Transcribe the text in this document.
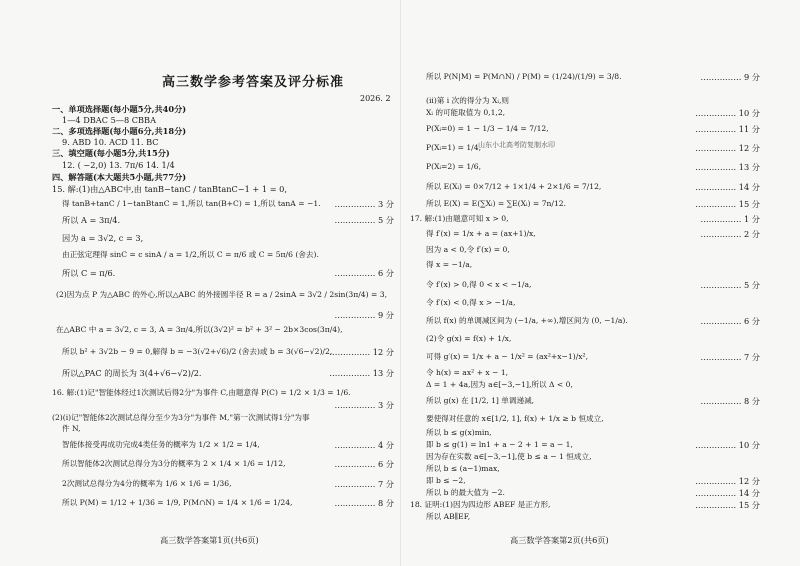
高三数学参考答案及评分标准
2026. 2
一、单项选择题(每小题5分,共40分)
1—4 DBAC 5—8 CBBA
二、多项选择题(每小题6分,共18分)
9. ABD 10. ACD 11. BC
三、填空题(每小题5分,共15分)
12. ( −2,0) 13. 7π/6 14. 1/4
四、解答题(本大题共5小题,共77分)
15. 解:(1)由△ABC中,由 tanB−tanC / tanBtanC−1 + 1 = 0,
得 tanB+tanC / 1−tanBtanC = 1,所以 tan(B+C) = 1,所以 tanA = −1. …………… 3 分
所以 A = 3π/4.	…………… 5 分
因为 a = 3√2, c = 3,
由正弦定理得 sinC = c sinA / a = 1/2,所以 C = π/6 或 C = 5π/6 (舍去).
所以 C = π/6.	…………… 6 分
(2)因为点 P 为△ABC 的外心,所以△ABC 的外接圆半径 R = a / 2sinA = 3√2 / 2sin(3π/4) = 3,
…………… 9 分
在△ABC 中 a = 3√2, c = 3, A = 3π/4,所以(3√2)² = b² + 3² − 2b×3cos(3π/4),
所以 b² + 3√2b − 9 = 0,解得 b = −3(√2+√6)/2 (舍去)或 b = 3(√6−√2)/2,
…………… 12 分
所以△PAC 的周长为 3(4+√6−√2)/2.	…………… 13 分
16. 解:(1)记"智能体经过1次测试后得2分"为事件 C,由题意得 P(C) = 1/2 × 1/3 = 1/6.
…………… 3 分
(2)(i)记"智能体2次测试总得分至少为3分"为事件 M,"第一次测试得1分"为事
件 N,
智能体接受再成功完成4类任务的概率为 1/2 × 1/2 = 1/4,	…………… 4 分
所以智能体2次测试总得分为3分的概率为 2 × 1/4 × 1/6 = 1/12,	…………… 6 分
2次测试总得分为4分的概率为 1/6 × 1/6 = 1/36,	…………… 7 分
所以 P(M) = 1/12 + 1/36 = 1/9, P(M∩N) = 1/4 × 1/6 = 1/24,	…………… 8 分
高三数学答案第1页(共6页)
所以 P(N|M) = P(M∩N) / P(M) = (1/24)/(1/9) = 3/8.	…………… 9 分
(ii)第 i 次的得分为 Xᵢ,则
Xᵢ 的可能取值为 0,1,2,	…………… 10 分
P(Xᵢ=0) = 1 − 1/3 − 1/4 = 7/12,	…………… 11 分
P(Xᵢ=1) = 1/4,	…………… 12 分
P(Xᵢ=2) = 1/6,	…………… 13 分
所以 E(Xᵢ) = 0×7/12 + 1×1/4 + 2×1/6 = 7/12,	…………… 14 分
所以 E(X) = E(∑Xᵢ) = ∑E(Xᵢ) = 7n/12.	…………… 15 分
17. 解:(1)由题意可知 x > 0,	…………… 1 分
得 f′(x) = 1/x + a = (ax+1)/x,	…………… 2 分
因为 a < 0,令 f′(x) = 0,
得 x = −1/a,
令 f′(x) > 0,得 0 < x < −1/a,	…………… 5 分
令 f′(x) < 0,得 x > −1/a,
所以 f(x) 的单调减区间为 (−1/a, +∞),增区间为 (0, −1/a).	…………… 6 分
(2)令 g(x) = f(x) + 1/x,
可得 g′(x) = 1/x + a − 1/x² = (ax²+x−1)/x²,	…………… 7 分
令 h(x) = ax² + x − 1,
Δ = 1 + 4a,因为 a∈[−3,−1],所以 Δ < 0,
所以 g(x) 在 [1/2, 1] 单调递减,	…………… 8 分
要使得对任意的 x∈[1/2, 1], f(x) + 1/x ≥ b 恒成立,
所以 b ≤ g(x)min,
即 b ≤ g(1) = ln1 + a − 2 + 1 = a − 1,	…………… 10 分
因为存在实数 a∈[−3,−1],使 b ≤ a − 1 恒成立,
所以 b ≤ (a−1)max,
即 b ≤ −2,	…………… 12 分
所以 b 的最大值为 −2.	…………… 14 分
18. 证明:(1)因为四边形 ABEF 是正方形,	…………… 15 分
所以 AB∥EF,
山东小北高考防复制水印
高三数学答案第2页(共6页)
